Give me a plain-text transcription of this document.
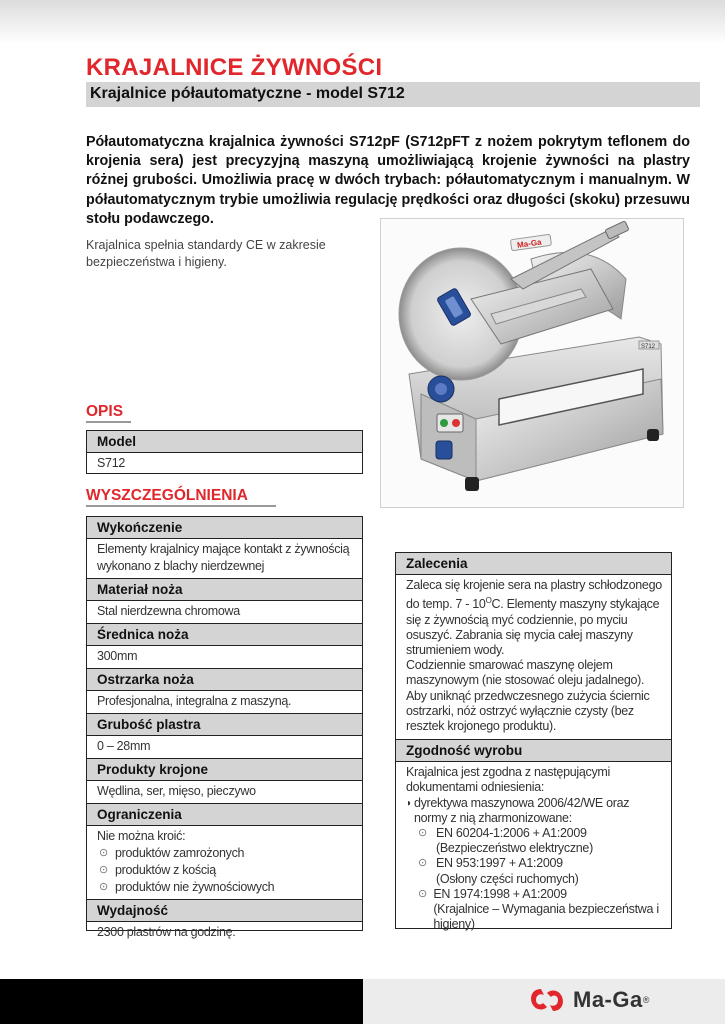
KRAJALNICE ŻYWNOŚCI
Krajalnice półautomatyczne - model S712

Półautomatyczna krajalnica żywności S712pF (S712pFT z nożem pokrytym teflonem do krojenia sera) jest precyzyjną maszyną umożliwiającą krojenie żywności na plastry różnej grubości. Umożliwia pracę w dwóch trybach: półautomatycznym i manualnym. W półautomatycznym trybie umożliwia regulację prędkości oraz długości (skoku) przesuwu stołu podawczego.

Krajalnica spełnia standardy CE w zakresie bezpieczeństwa i higieny.

Ma-Ga
S712
OPIS
Model
S712
WYSZCZEGÓLNIENIA
Wykończenie
Elementy krajalnicy mające kontakt z żywnością wykonano z blachy nierdzewnej
Materiał noża
Stal nierdzewna chromowa
Średnica noża
300mm
Ostrzarka noża
Profesjonalna, integralna z maszyną.
Grubość plastra
0 – 28mm
Produkty krojone
Wędlina, ser, mięso, pieczywo
Ograniczenia
Nie można kroić:
⊙ produktów zamrożonych
⊙ produktów z kością
⊙ produktów nie żywnościowych
Wydajność
2300 plastrów na godzinę.
Zalecenia
Zaleca się krojenie sera na plastry schłodzonego do temp. $7 - 10^OC$. Elementy maszyny stykające się z żywnością myć codziennie, po myciu osuszyć. Zabrania się mycia całej maszyny strumieniem wody.
Codziennie smarować maszynę olejem maszynowym (nie stosować oleju jadalnego).
Aby uniknąć przedwczesnego zużycia ściernic ostrzarki, nóż ostrzyć wyłącznie czysty (bez resztek krojonego produktu).
Zgodność wyrobu
Krajalnica jest zgodna z następującymi dokumentami odniesienia:
◗ dyrektywa maszynowa 2006/42/WE oraz normy z nią zharmonizowane:
⊙ EN 60204-1:2006 + A1:2009
(Bezpieczeństwo elektryczne)
⊙ EN 953:1997 + A1:2009
(Osłony części ruchomych)
⊙ EN 1974:1998 + A1:2009
(Krajalnice – Wymagania bezpieczeństwa i higieny)
Ma-Ga ®
